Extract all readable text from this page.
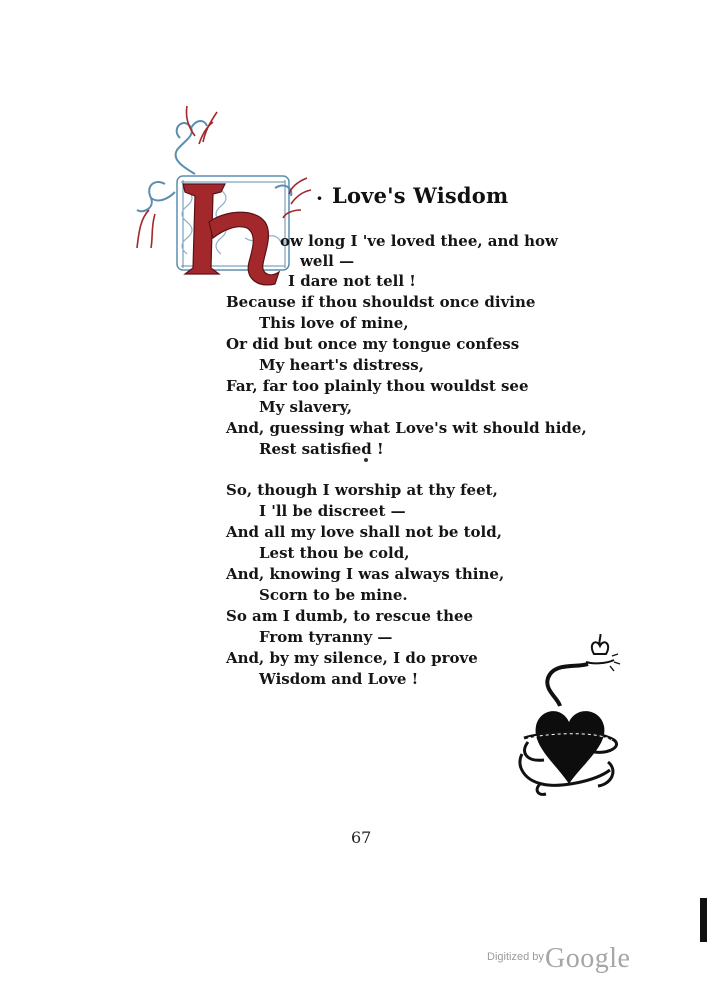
· Love's Wisdom
ow long I 've loved thee, and how
well —
I dare not tell !
Because if thou shouldst once divine
This love of mine,
Or did but once my tongue confess
My heart's distress,
Far, far too plainly thou wouldst see
My slavery,
And, guessing what Love's wit should hide,
Rest satisfied !
So, though I worship at thy feet,
I 'll be discreet —
And all my love shall not be told,
Lest thou be cold,
And, knowing I was always thine,
Scorn to be mine.
So am I dumb, to rescue thee
From tyranny —
And, by my silence, I do prove
Wisdom and Love !
67
Digitized by Google
